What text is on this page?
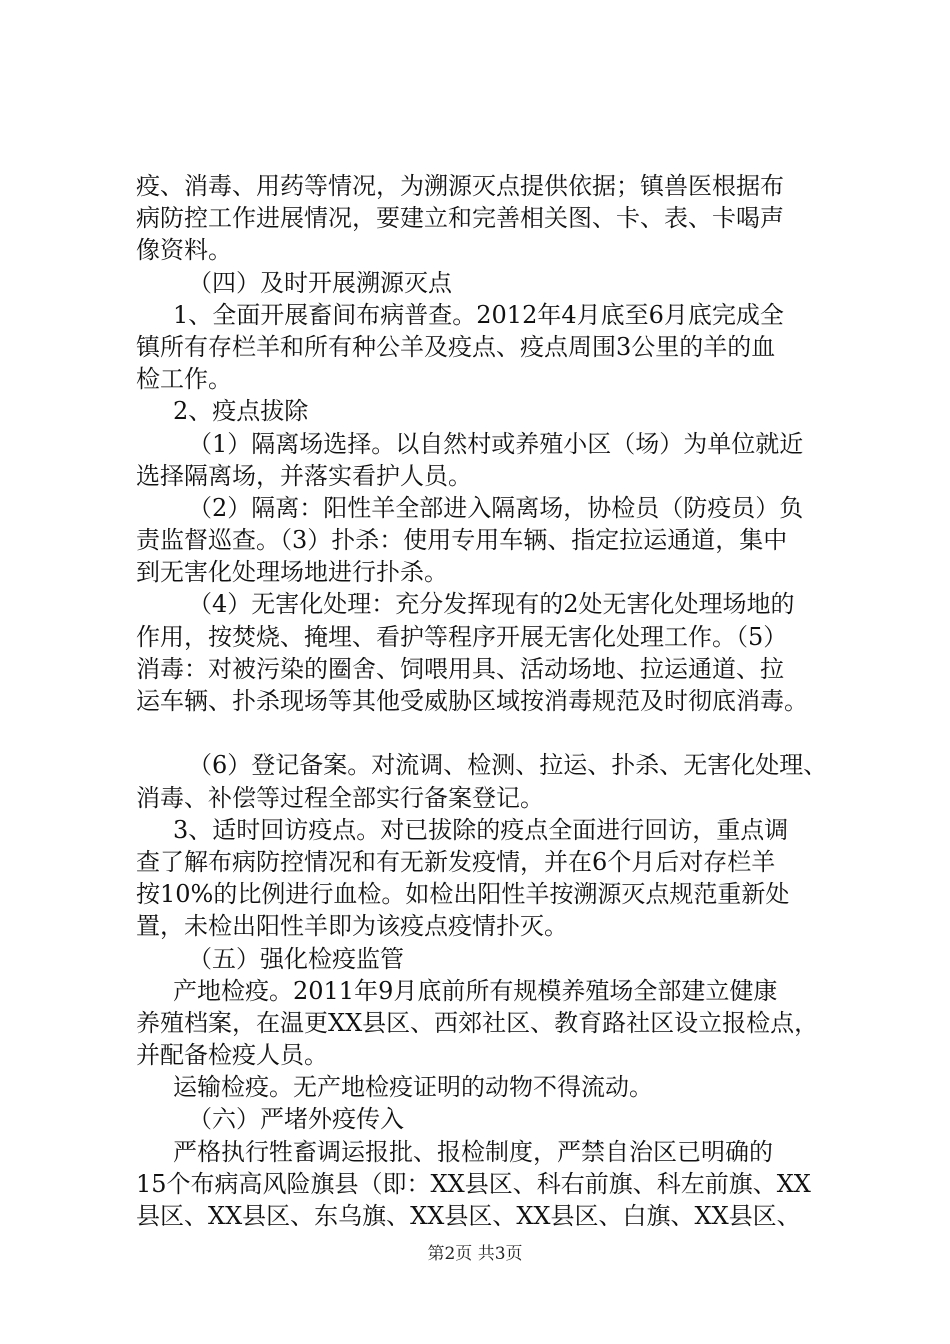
疫、消毒、用药等情况，为溯源灭点提供依据；镇兽医根据布
病防控工作进展情况，要建立和完善相关图、卡、表、卡喝声
像资料。
（四）及时开展溯源灭点
1、全面开展畜间布病普查。2012年4月底至6月底完成全
镇所有存栏羊和所有种公羊及疫点、疫点周围3公里的羊的血
检工作。
2、疫点拔除
（1）隔离场选择。以自然村或养殖小区（场）为单位就近
选择隔离场，并落实看护人员。
（2）隔离：阳性羊全部进入隔离场，协检员（防疫员）负
责监督巡查。（3）扑杀：使用专用车辆、指定拉运通道，集中
到无害化处理场地进行扑杀。
（4）无害化处理：充分发挥现有的2处无害化处理场地的
作用，按焚烧、掩埋、看护等程序开展无害化处理工作。（5）
消毒：对被污染的圈舍、饲喂用具、活动场地、拉运通道、拉
运车辆、扑杀现场等其他受威胁区域按消毒规范及时彻底消毒。
（6）登记备案。对流调、检测、拉运、扑杀、无害化处理、
消毒、补偿等过程全部实行备案登记。
3、适时回访疫点。对已拔除的疫点全面进行回访，重点调
查了解布病防控情况和有无新发疫情，并在6个月后对存栏羊
按10%的比例进行血检。如检出阳性羊按溯源灭点规范重新处
置，未检出阳性羊即为该疫点疫情扑灭。
（五）强化检疫监管
产地检疫。2011年9月底前所有规模养殖场全部建立健康
养殖档案，在温更XX县区、西郊社区、教育路社区设立报检点，
并配备检疫人员。
运输检疫。无产地检疫证明的动物不得流动。
（六）严堵外疫传入
严格执行牲畜调运报批、报检制度，严禁自治区已明确的
15个布病高风险旗县（即：XX县区、科右前旗、科左前旗、XX
县区、XX县区、东乌旗、XX县区、XX县区、白旗、XX县区、
第2页 共3页
